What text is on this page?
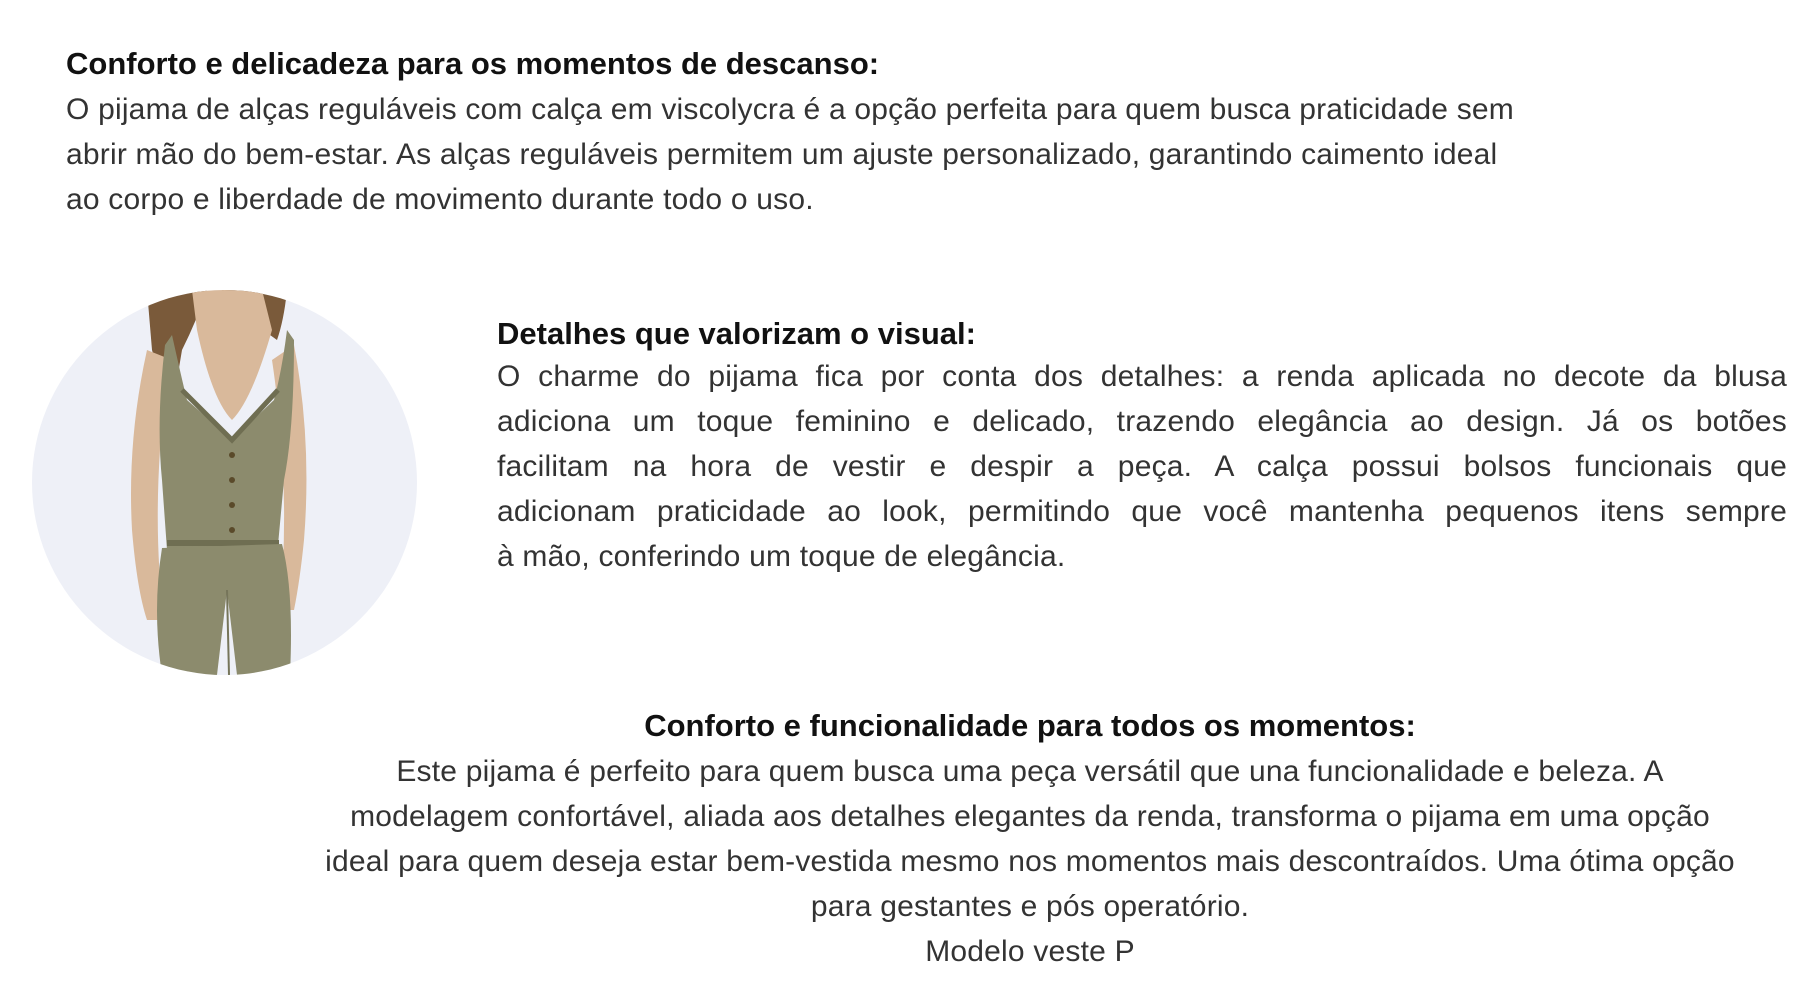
Conforto e delicadeza para os momentos de descanso:

O pijama de alças reguláveis com calça em viscolycra é a opção perfeita para quem busca praticidade sem
abrir mão do bem-estar. As alças reguláveis permitem um ajuste personalizado, garantindo caimento ideal
ao corpo e liberdade de movimento durante todo o uso.

Detalhes que valorizam o visual:

O charme do pijama fica por conta dos detalhes: a renda aplicada no decote da blusa
adiciona um toque feminino e delicado, trazendo elegância ao design. Já os botões
facilitam na hora de vestir e despir a peça. A calça possui bolsos funcionais que
adicionam praticidade ao look, permitindo que você mantenha pequenos itens sempre
à mão, conferindo um toque de elegância.

Conforto e funcionalidade para todos os momentos:

Este pijama é perfeito para quem busca uma peça versátil que una funcionalidade e beleza. A
modelagem confortável, aliada aos detalhes elegantes da renda, transforma o pijama em uma opção
ideal para quem deseja estar bem-vestida mesmo nos momentos mais descontraídos. Uma ótima opção
para gestantes e pós operatório.
Modelo veste P
